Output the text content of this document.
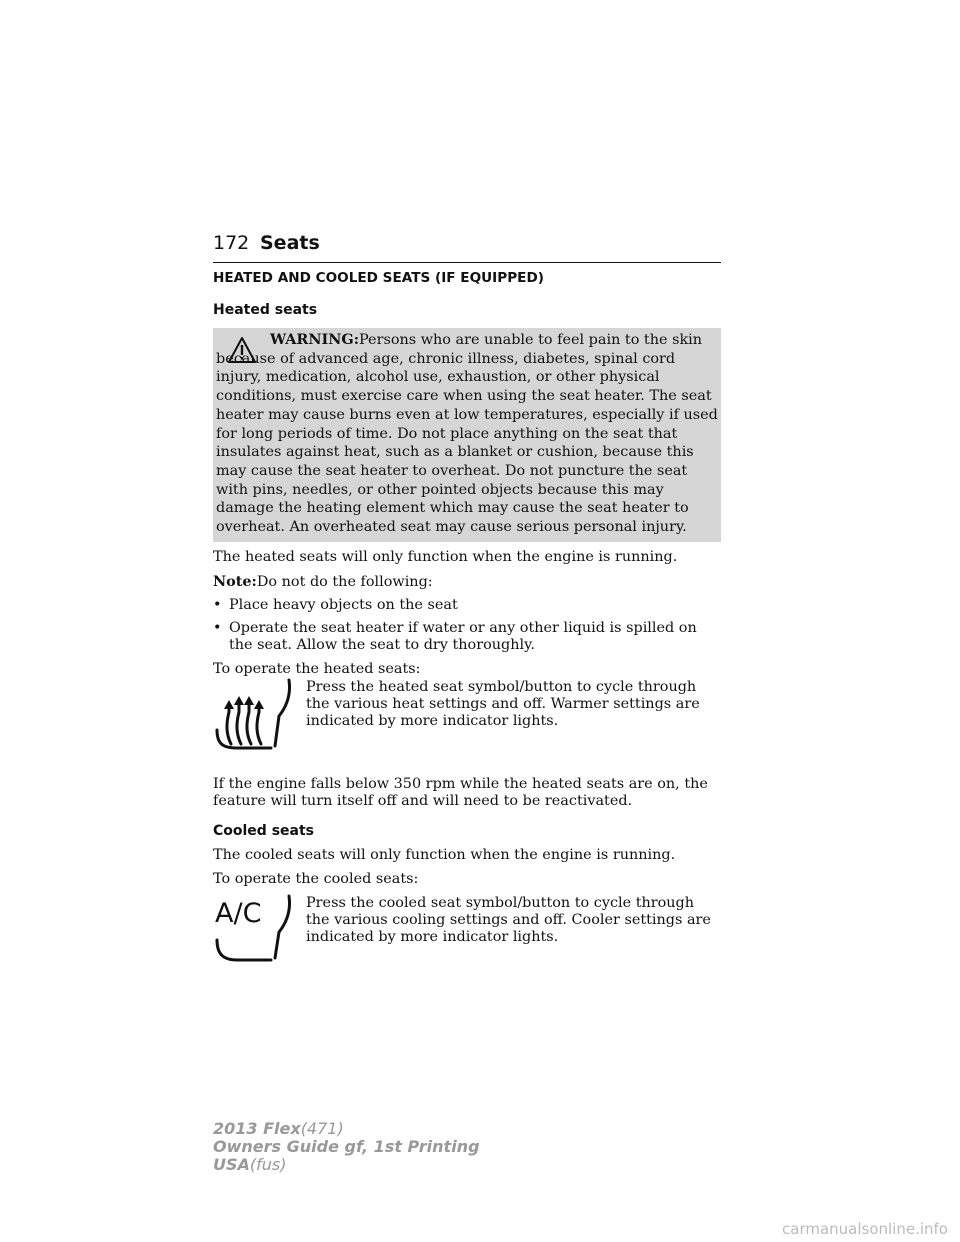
172 Seats
HEATED AND COOLED SEATS (IF EQUIPPED)
Heated seats
WARNING:Persons who are unable to feel pain to the skin because of advanced age, chronic illness, diabetes, spinal cord injury, medication, alcohol use, exhaustion, or other physical conditions, must exercise care when using the seat heater. The seat heater may cause burns even at low temperatures, especially if used for long periods of time. Do not place anything on the seat that insulates against heat, such as a blanket or cushion, because this may cause the seat heater to overheat. Do not puncture the seat with pins, needles, or other pointed objects because this may damage the heating element which may cause the seat heater to overheat. An overheated seat may cause serious personal injury.
The heated seats will only function when the engine is running.
Note:Do not do the following:
• Place heavy objects on the seat
• Operate the seat heater if water or any other liquid is spilled on the seat. Allow the seat to dry thoroughly.
To operate the heated seats:
Press the heated seat symbol/button to cycle through the various heat settings and off. Warmer settings are indicated by more indicator lights.
If the engine falls below 350 rpm while the heated seats are on, the feature will turn itself off and will need to be reactivated.
Cooled seats
The cooled seats will only function when the engine is running.
To operate the cooled seats:
A/C	Press the cooled seat symbol/button to cycle through the various cooling settings and off. Cooler settings are indicated by more indicator lights.
2013 Flex(471)
Owners Guide gf, 1st Printing
USA(fus)
carmanualsonline.info
